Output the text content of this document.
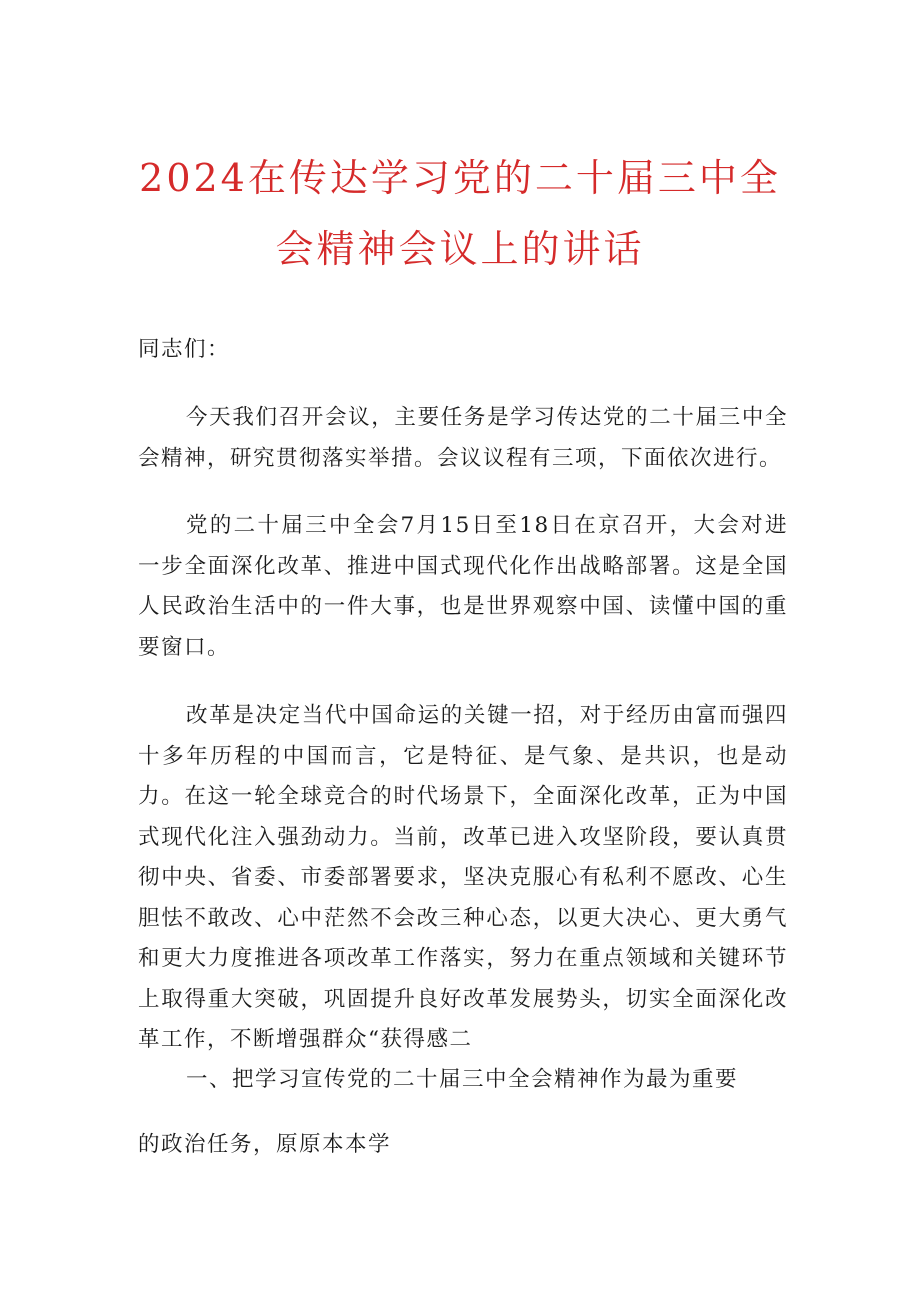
2024在传达学习党的二十届三中全
会精神会议上的讲话
同志们：
今天我们召开会议，主要任务是学习传达党的二十届三中全会精神，研究贯彻落实举措。会议议程有三项，下面依次进行。
党的二十届三中全会7月15日至18日在京召开，大会对进一步全面深化改革、推进中国式现代化作出战略部署。这是全国人民政治生活中的一件大事，也是世界观察中国、读懂中国的重要窗口。
改革是决定当代中国命运的关键一招，对于经历由富而强四十多年历程的中国而言，它是特征、是气象、是共识，也是动力。在这一轮全球竞合的时代场景下，全面深化改革，正为中国式现代化注入强劲动力。当前，改革已进入攻坚阶段，要认真贯彻中央、省委、市委部署要求，坚决克服心有私利不愿改、心生胆怯不敢改、心中茫然不会改三种心态，以更大决心、更大勇气和更大力度推进各项改革工作落实，努力在重点领域和关键环节上取得重大突破，巩固提升良好改革发展势头，切实全面深化改革工作，不断增强群众“获得感二
一、把学习宣传党的二十届三中全会精神作为最为重要
的政治任务，原原本本学
